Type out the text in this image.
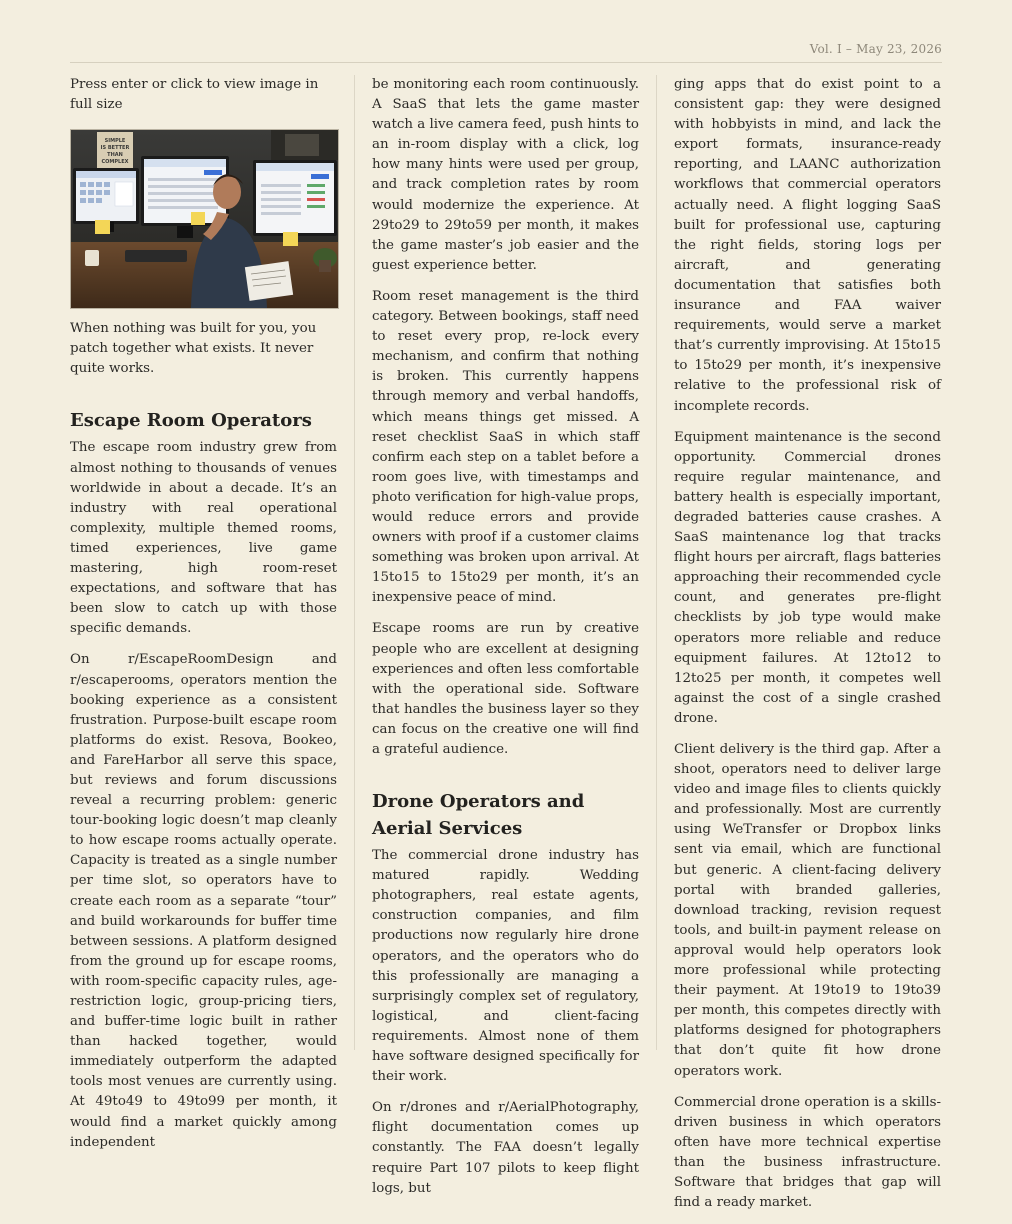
Vol. I – May 23, 2026

Press enter or click to view image in full size

SIMPLE
IS BETTER
THAN
COMPLEX

When nothing was built for you, you patch together what exists. It never quite works.

Escape Room Operators

The escape room industry grew from almost nothing to thousands of venues worldwide in about a decade. It’s an industry with real operational complexity, multiple themed rooms, timed experiences, live game mastering, high room-reset expectations, and software that has been slow to catch up with those specific demands.

On r/EscapeRoomDesign and r/escaperooms, operators mention the booking experience as a consistent frustration. Purpose-built escape room platforms do exist. Resova, Bookeo, and FareHarbor all serve this space, but reviews and forum discussions reveal a recurring problem: generic tour-booking logic doesn’t map cleanly to how escape rooms actually operate. Capacity is treated as a single number per time slot, so operators have to create each room as a separate “tour” and build workarounds for buffer time between sessions. A platform designed from the ground up for escape rooms, with room-specific capacity rules, age-restriction logic, group-pricing tiers, and buffer-time logic built in rather than hacked together, would immediately outperform the adapted tools most venues are currently using. At 49to49 to 49to99 per month, it would find a market quickly among independent

be monitoring each room continuously. A SaaS that lets the game master watch a live camera feed, push hints to an in-room display with a click, log how many hints were used per group, and track completion rates by room would modernize the experience. At 29to29 to 29to59 per month, it makes the game master’s job easier and the guest experience better.

Room reset management is the third category. Between bookings, staff need to reset every prop, re-lock every mechanism, and confirm that nothing is broken. This currently happens through memory and verbal handoffs, which means things get missed. A reset checklist SaaS in which staff confirm each step on a tablet before a room goes live, with timestamps and photo verification for high-value props, would reduce errors and provide owners with proof if a customer claims something was broken upon arrival. At 15to15 to 15to29 per month, it’s an inexpensive peace of mind.

Escape rooms are run by creative people who are excellent at designing experiences and often less comfortable with the operational side. Software that handles the business layer so they can focus on the creative one will find a grateful audience.

Drone Operators and Aerial Services

The commercial drone industry has matured rapidly. Wedding photographers, real estate agents, construction companies, and film productions now regularly hire drone operators, and the operators who do this professionally are managing a surprisingly complex set of regulatory, logistical, and client-facing requirements. Almost none of them have software designed specifically for their work.

On r/drones and r/AerialPhotography, flight documentation comes up constantly. The FAA doesn’t legally require Part 107 pilots to keep flight logs, but

ging apps that do exist point to a consistent gap: they were designed with hobbyists in mind, and lack the export formats, insurance-ready reporting, and LAANC authorization workflows that commercial operators actually need. A flight logging SaaS built for professional use, capturing the right fields, storing logs per aircraft, and generating documentation that satisfies both insurance and FAA waiver requirements, would serve a market that’s currently improvising. At 15to15 to 15to29 per month, it’s inexpensive relative to the professional risk of incomplete records.

Equipment maintenance is the second opportunity. Commercial drones require regular maintenance, and battery health is especially important, degraded batteries cause crashes. A SaaS maintenance log that tracks flight hours per aircraft, flags batteries approaching their recommended cycle count, and generates pre-flight checklists by job type would make operators more reliable and reduce equipment failures. At 12to12 to 12to25 per month, it competes well against the cost of a single crashed drone.

Client delivery is the third gap. After a shoot, operators need to deliver large video and image files to clients quickly and professionally. Most are currently using WeTransfer or Dropbox links sent via email, which are functional but generic. A client-facing delivery portal with branded galleries, download tracking, revision request tools, and built-in payment release on approval would help operators look more professional while protecting their payment. At 19to19 to 19to39 per month, this competes directly with platforms designed for photographers that don’t quite fit how drone operators work.

Commercial drone operation is a skills-driven business in which operators often have more technical expertise than the business infrastructure. Software that bridges that gap will find a ready market.
